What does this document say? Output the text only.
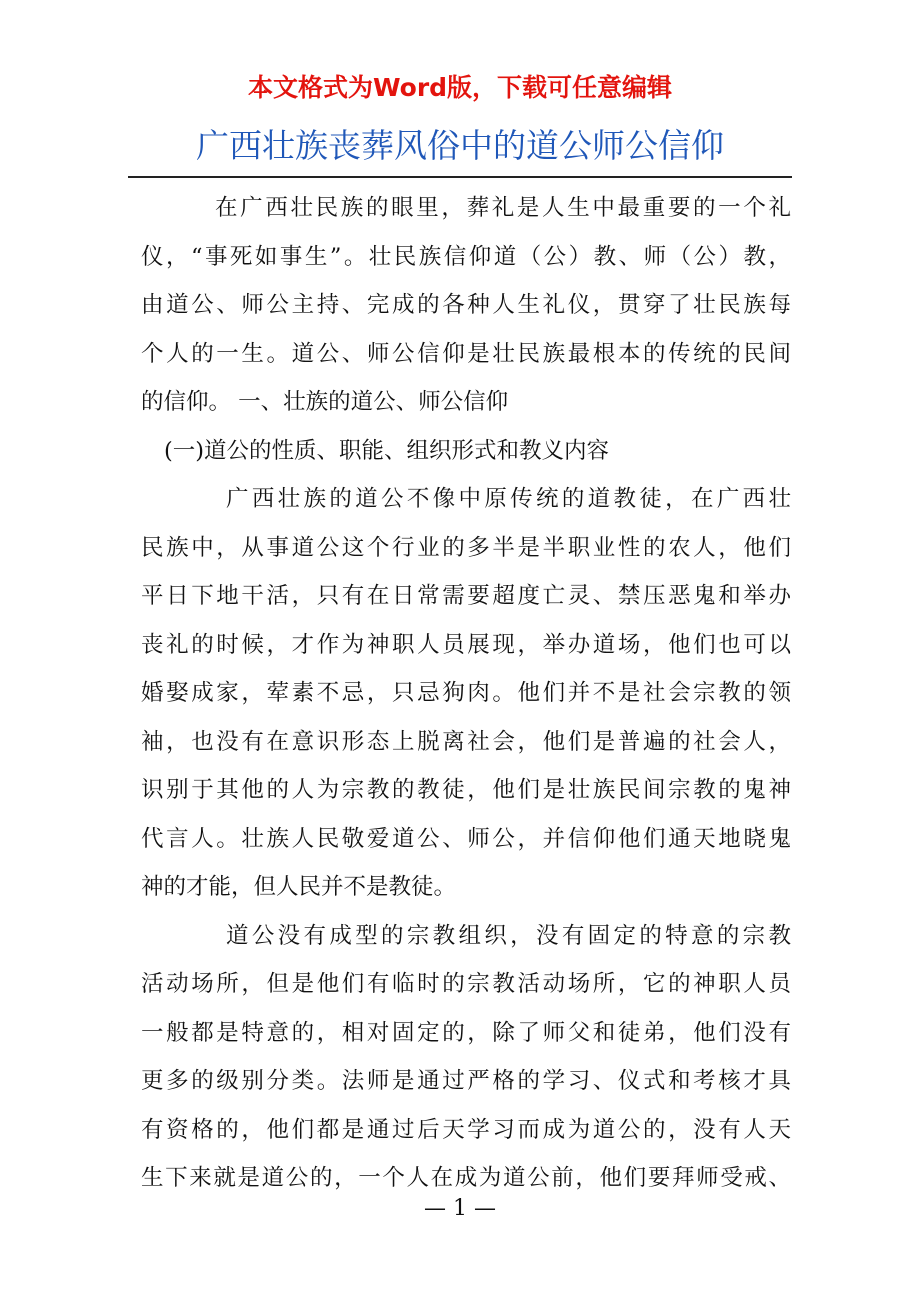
本文格式为Word版，下载可任意编辑

广西壮族丧葬风俗中的道公师公信仰

在广西壮民族的眼里，葬礼是人生中最重要的一个礼

仪，“事死如事生”。壮民族信仰道（公）教、师（公）教，

由道公、师公主持、完成的各种人生礼仪，贯穿了壮民族每

个人的一生。道公、师公信仰是壮民族最根本的传统的民间

的信仰。 一、壮族的道公、师公信仰

(一)道公的性质、职能、组织形式和教义内容

广西壮族的道公不像中原传统的道教徒，在广西壮

民族中，从事道公这个行业的多半是半职业性的农人，他们

平日下地干活，只有在日常需要超度亡灵、禁压恶鬼和举办

丧礼的时候，才作为神职人员展现，举办道场，他们也可以

婚娶成家，荤素不忌，只忌狗肉。他们并不是社会宗教的领

袖，也没有在意识形态上脱离社会，他们是普遍的社会人，

识别于其他的人为宗教的教徒，他们是壮族民间宗教的鬼神

代言人。壮族人民敬爱道公、师公，并信仰他们通天地晓鬼

神的才能，但人民并不是教徒。

道公没有成型的宗教组织，没有固定的特意的宗教

活动场所，但是他们有临时的宗教活动场所，它的神职人员

一般都是特意的，相对固定的，除了师父和徒弟，他们没有

更多的级别分类。法师是通过严格的学习、仪式和考核才具

有资格的，他们都是通过后天学习而成为道公的，没有人天

生下来就是道公的，一个人在成为道公前，他们要拜师受戒、

— 1 —
